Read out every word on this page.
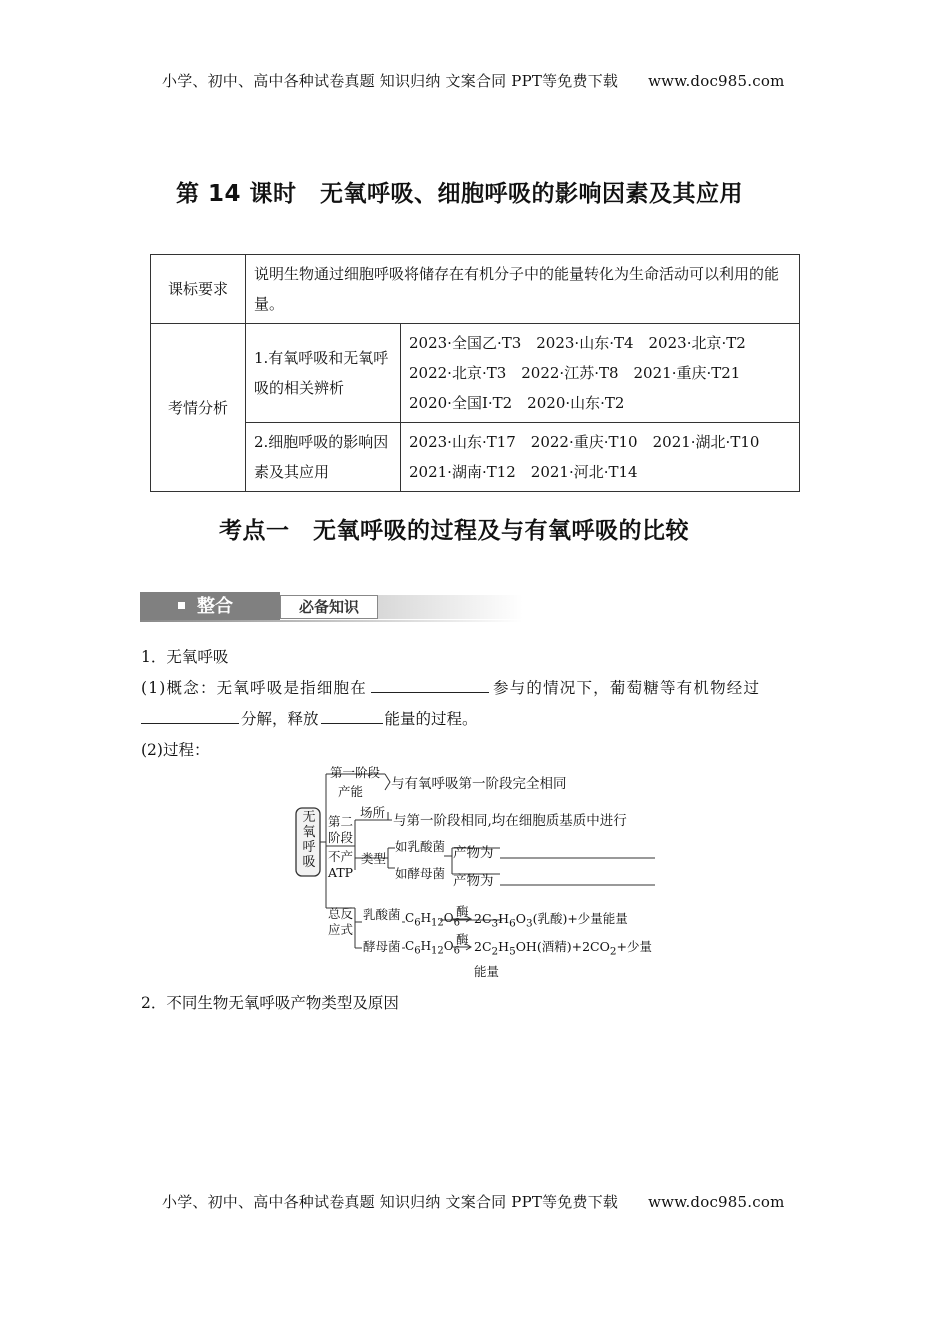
小学、初中、高中各种试卷真题 知识归纳 文案合同 PPT等免费下载 www.doc985.com
第 14 课时　无氧呼吸、细胞呼吸的影响因素及其应用
课标要求	说明生物通过细胞呼吸将储存在有机分子中的能量转化为生命活动可以利用的能量。	
考情分析	1.有氧呼吸和无氧呼吸的相关辨析	2023·全国乙·T3　2023·山东·T4　2023·北京·T2
2022·北京·T3　2022·江苏·T8　2021·重庆·T21
2020·全国Ⅰ·T2　2020·山东·T2

	2.细胞呼吸的影响因素及其应用	2023·山东·T17　2022·重庆·T10　2021·湖北·T10
2021·湖南·T12　2021·河北·T14
考点一　无氧呼吸的过程及与有氧呼吸的比较
整合	必备知识
1．无氧呼吸
(1)概念：无氧呼吸是指细胞在	参与的情况下，葡萄糖等有机物经过
分解，释放	能量的过程。
(2)过程：
无
氧
呼
吸
第一阶段
产能 与有氧呼吸第一阶段完全相同
第二
阶段
不产
ATP
场所
与第一阶段相同,均在细胞质基质中进行
类型
如乳酸菌
如酵母菌
产物为
产物为
总反
应式
乳酸菌
酵母菌
$C_6H_{12}O_6$
$C_6H_{12}O_6$
酶
酶
$2C_3H_6O_3$(乳酸)+少量能量
$2C_2H_5OH$(酒精)$+2CO_2+$少量
能量
2．不同生物无氧呼吸产物类型及原因
小学、初中、高中各种试卷真题 知识归纳 文案合同 PPT等免费下载 www.doc985.com
